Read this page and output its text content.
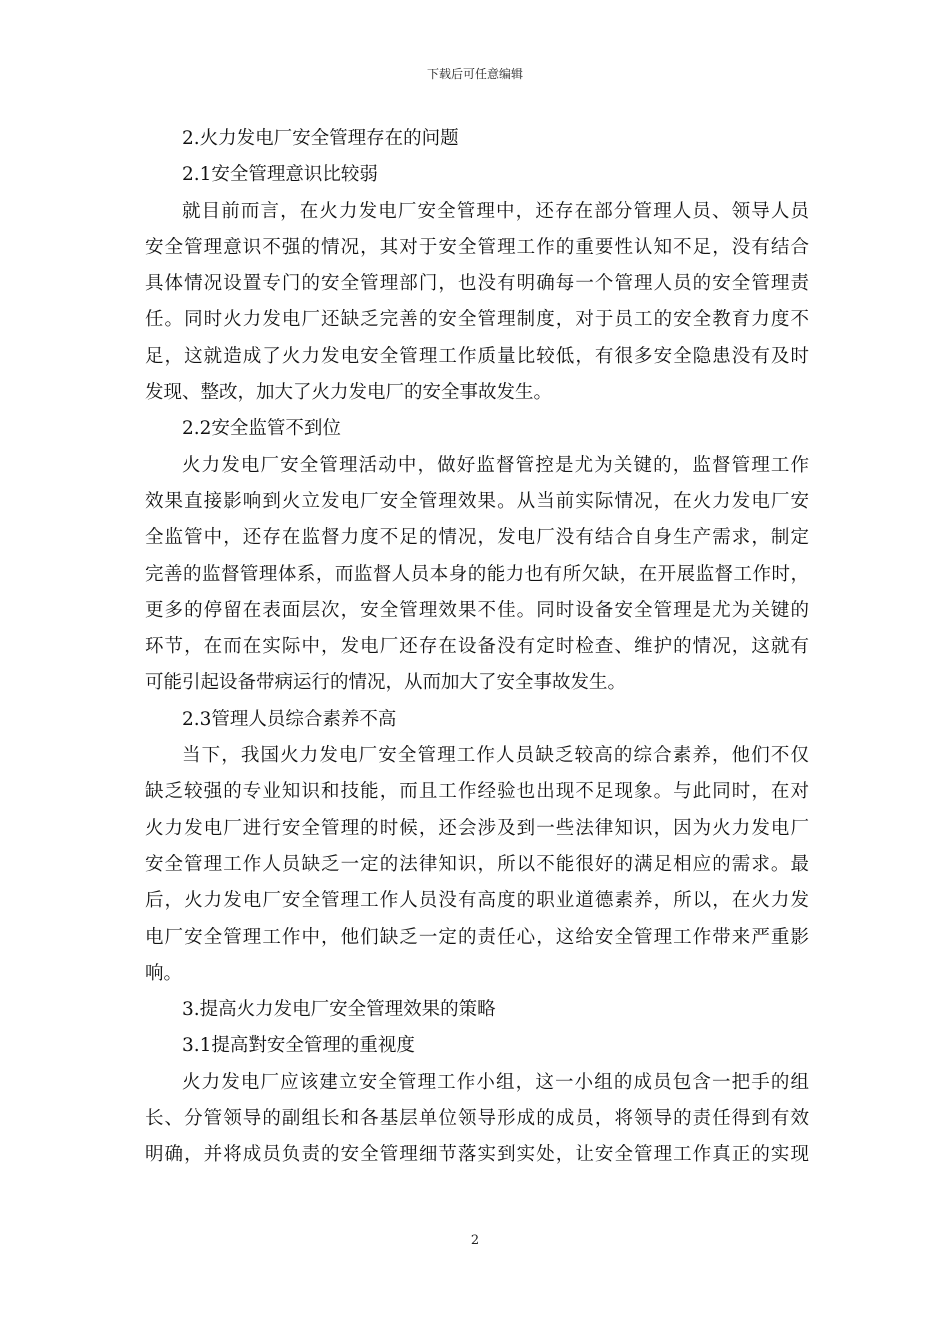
下载后可任意编辑
2.火力发电厂安全管理存在的问题
2.1安全管理意识比较弱
就目前而言，在火力发电厂安全管理中，还存在部分管理人员、领导人员
安全管理意识不强的情况，其对于安全管理工作的重要性认知不足，没有结合
具体情况设置专门的安全管理部门，也没有明确每一个管理人员的安全管理责
任。同时火力发电厂还缺乏完善的安全管理制度，对于员工的安全教育力度不
足，这就造成了火力发电安全管理工作质量比较低，有很多安全隐患没有及时
发现、整改，加大了火力发电厂的安全事故发生。
2.2安全监管不到位
火力发电厂安全管理活动中，做好监督管控是尤为关键的，监督管理工作
效果直接影响到火立发电厂安全管理效果。从当前实际情况，在火力发电厂安
全监管中，还存在监督力度不足的情况，发电厂没有结合自身生产需求，制定
完善的监督管理体系，而监督人员本身的能力也有所欠缺，在开展监督工作时，
更多的停留在表面层次，安全管理效果不佳。同时设备安全管理是尤为关键的
环节，在而在实际中，发电厂还存在设备没有定时检查、维护的情况，这就有
可能引起设备带病运行的情况，从而加大了安全事故发生。
2.3管理人员综合素养不高
当下，我国火力发电厂安全管理工作人员缺乏较高的综合素养，他们不仅
缺乏较强的专业知识和技能，而且工作经验也出现不足现象。与此同时，在对
火力发电厂进行安全管理的时候，还会涉及到一些法律知识，因为火力发电厂
安全管理工作人员缺乏一定的法律知识，所以不能很好的满足相应的需求。最
后，火力发电厂安全管理工作人员没有高度的职业道德素养，所以，在火力发
电厂安全管理工作中，他们缺乏一定的责任心，这给安全管理工作带来严重影
响。
3.提高火力发电厂安全管理效果的策略
3.1提高對安全管理的重视度
火力发电厂应该建立安全管理工作小组，这一小组的成员包含一把手的组
长、分管领导的副组长和各基层单位领导形成的成员，将领导的责任得到有效
明确，并将成员负责的安全管理细节落实到实处，让安全管理工作真正的实现
2
